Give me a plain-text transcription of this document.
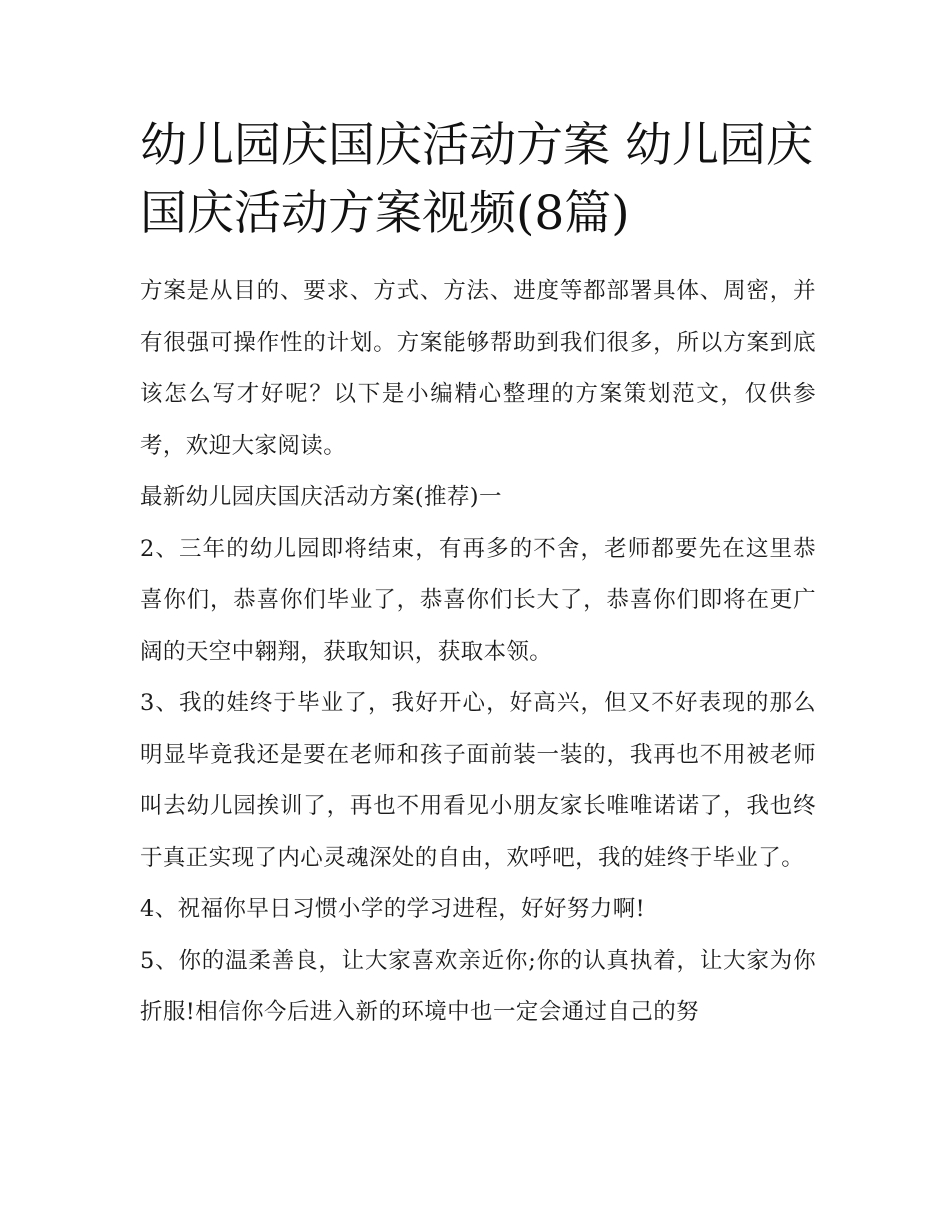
幼儿园庆国庆活动方案 幼儿园庆国庆活动方案视频(8篇)

方案是从目的、要求、方式、方法、进度等都部署具体、周密，并有很强可操作性的计划。方案能够帮助到我们很多，所以方案到底该怎么写才好呢？以下是小编精心整理的方案策划范文，仅供参考，欢迎大家阅读。

最新幼儿园庆国庆活动方案(推荐)一

2、三年的幼儿园即将结束，有再多的不舍，老师都要先在这里恭喜你们，恭喜你们毕业了，恭喜你们长大了，恭喜你们即将在更广阔的天空中翱翔，获取知识，获取本领。

3、我的娃终于毕业了，我好开心，好高兴，但又不好表现的那么明显毕竟我还是要在老师和孩子面前装一装的，我再也不用被老师叫去幼儿园挨训了，再也不用看见小朋友家长唯唯诺诺了，我也终于真正实现了内心灵魂深处的自由，欢呼吧，我的娃终于毕业了。

4、祝福你早日习惯小学的学习进程，好好努力啊!

5、你的温柔善良，让大家喜欢亲近你;你的认真执着，让大家为你折服!相信你今后进入新的环境中也一定会通过自己的努
